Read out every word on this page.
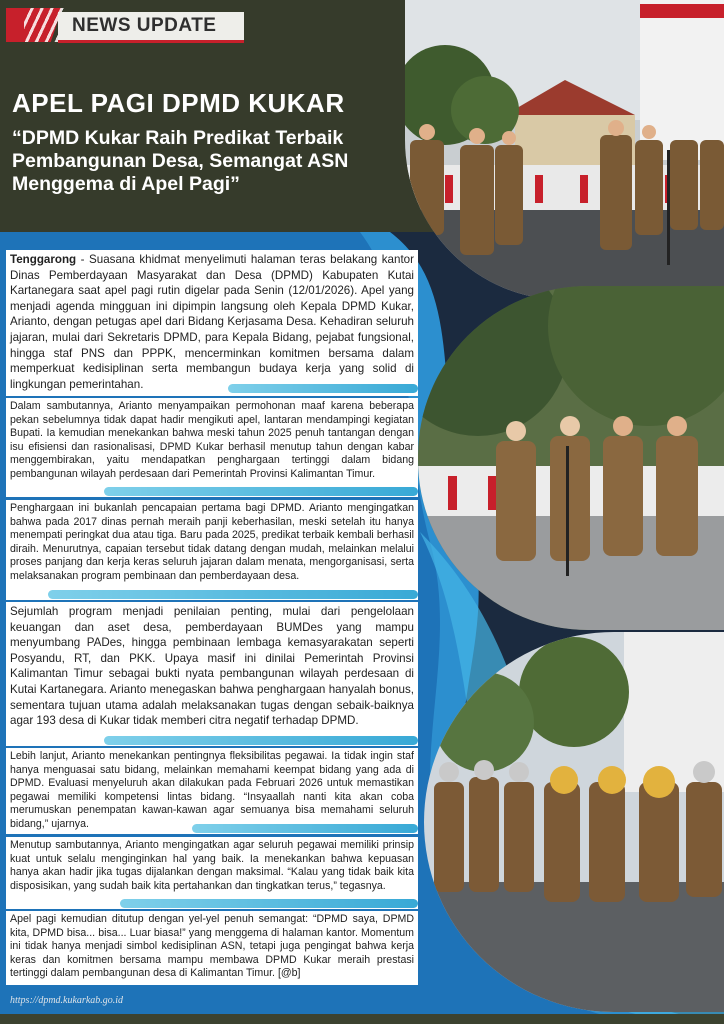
NEWS UPDATE
APEL PAGI DPMD KUKAR
“DPMD Kukar Raih Predikat Terbaik Pembangunan Desa, Semangat ASN Menggema di Apel Pagi”
Tenggarong - Suasana khidmat menyelimuti halaman teras belakang kantor Dinas Pemberdayaan Masyarakat dan Desa (DPMD) Kabupaten Kutai Kartanegara saat apel pagi rutin digelar pada Senin (12/01/2026). Apel yang menjadi agenda mingguan ini dipimpin langsung oleh Kepala DPMD Kukar, Arianto, dengan petugas apel dari Bidang Kerjasama Desa. Kehadiran seluruh jajaran, mulai dari Sekretaris DPMD, para Kepala Bidang, pejabat fungsional, hingga staf PNS dan PPPK, mencerminkan komitmen bersama dalam memperkuat kedisiplinan serta membangun budaya kerja yang solid di lingkungan pemerintahan.
Dalam sambutannya, Arianto menyampaikan permohonan maaf karena beberapa pekan sebelumnya tidak dapat hadir mengikuti apel, lantaran mendampingi kegiatan Bupati. Ia kemudian menekankan bahwa meski tahun 2025 penuh tantangan dengan isu efisiensi dan rasionalisasi, DPMD Kukar berhasil menutup tahun dengan kabar menggembirakan, yaitu mendapatkan penghargaan tertinggi dalam bidang pembangunan wilayah perdesaan dari Pemerintah Provinsi Kalimantan Timur.
Penghargaan ini bukanlah pencapaian pertama bagi DPMD. Arianto mengingatkan bahwa pada 2017 dinas pernah meraih panji keberhasilan, meski setelah itu hanya menempati peringkat dua atau tiga. Baru pada 2025, predikat terbaik kembali berhasil diraih. Menurutnya, capaian tersebut tidak datang dengan mudah, melainkan melalui proses panjang dan kerja keras seluruh jajaran dalam menata, mengorganisasi, serta melaksanakan program pembinaan dan pemberdayaan desa.
Sejumlah program menjadi penilaian penting, mulai dari pengelolaan keuangan dan aset desa, pemberdayaan BUMDes yang mampu menyumbang PADes, hingga pembinaan lembaga kemasyarakatan seperti Posyandu, RT, dan PKK. Upaya masif ini dinilai Pemerintah Provinsi Kalimantan Timur sebagai bukti nyata pembangunan wilayah perdesaan di Kutai Kartanegara. Arianto menegaskan bahwa penghargaan hanyalah bonus, sementara tujuan utama adalah melaksanakan tugas dengan sebaik-baiknya agar 193 desa di Kukar tidak memberi citra negatif terhadap DPMD.
Lebih lanjut, Arianto menekankan pentingnya fleksibilitas pegawai. Ia tidak ingin staf hanya menguasai satu bidang, melainkan memahami keempat bidang yang ada di DPMD. Evaluasi menyeluruh akan dilakukan pada Februari 2026 untuk memastikan pegawai memiliki kompetensi lintas bidang. “Insyaallah nanti kita akan coba merumuskan penempatan kawan-kawan agar semuanya bisa memahami seluruh bidang,” ujarnya.
Menutup sambutannya, Arianto mengingatkan agar seluruh pegawai memiliki prinsip kuat untuk selalu menginginkan hal yang baik. Ia menekankan bahwa kepuasan hanya akan hadir jika tugas dijalankan dengan maksimal. “Kalau yang tidak baik kita disposisikan, yang sudah baik kita pertahankan dan tingkatkan terus,” tegasnya.
Apel pagi kemudian ditutup dengan yel-yel penuh semangat: “DPMD saya, DPMD kita, DPMD bisa... bisa... Luar biasa!” yang menggema di halaman kantor. Momentum ini tidak hanya menjadi simbol kedisiplinan ASN, tetapi juga pengingat bahwa kerja keras dan komitmen bersama mampu membawa DPMD Kukar meraih prestasi tertinggi dalam pembangunan desa di Kalimantan Timur. [@b]
https://dpmd.kukarkab.go.id
